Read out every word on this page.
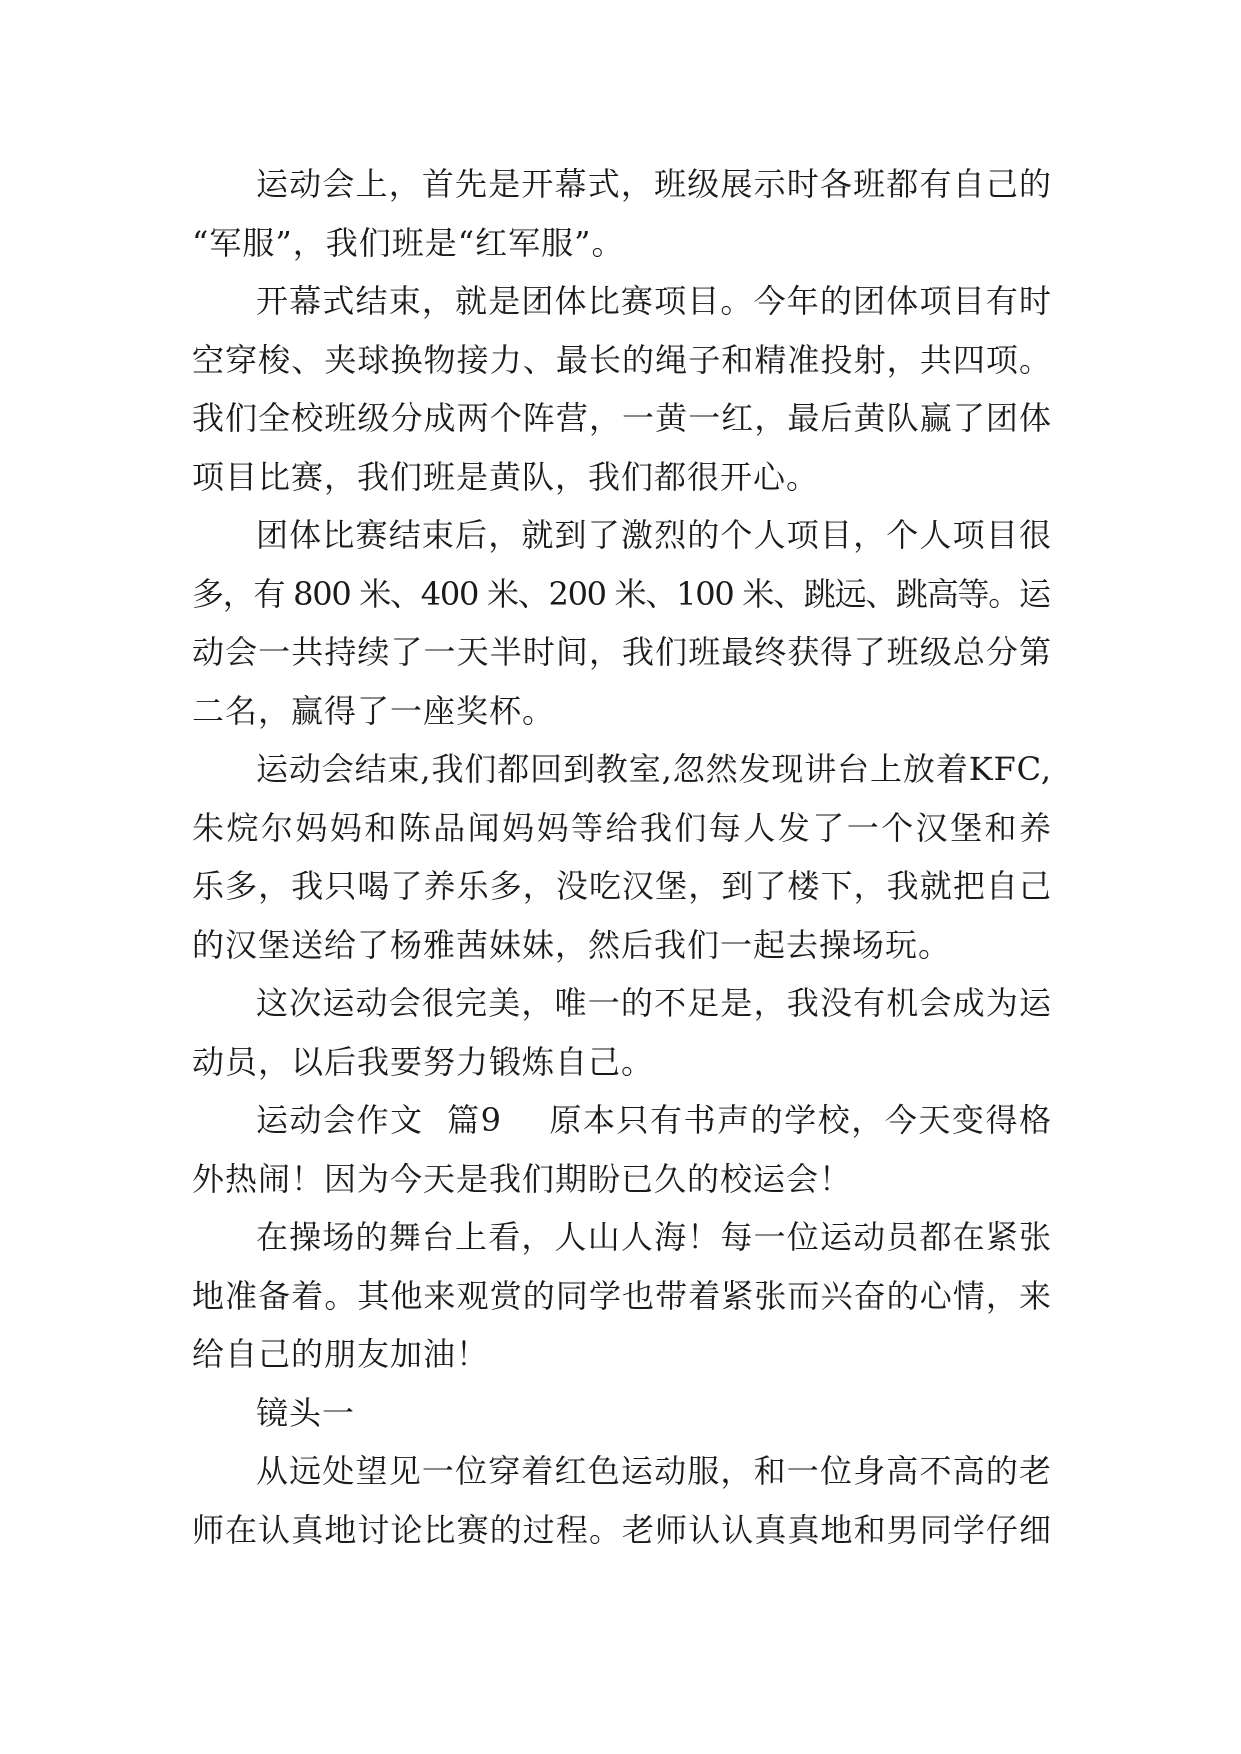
运动会上，首先是开幕式，班级展示时各班都有自己的
“军服”，我们班是“红军服”。
开幕式结束，就是团体比赛项目。今年的团体项目有时
空穿梭、夹球换物接力、最长的绳子和精准投射，共四项。
我们全校班级分成两个阵营，一黄一红，最后黄队赢了团体
项目比赛，我们班是黄队，我们都很开心。
团体比赛结束后，就到了激烈的个人项目，个人项目很
多，有 800 米、400 米、200 米、100 米、跳远、跳高等。运
动会一共持续了一天半时间，我们班最终获得了班级总分第
二名，赢得了一座奖杯。
运动会结束,我们都回到教室,忽然发现讲台上放着KFC,
朱烷尔妈妈和陈品闻妈妈等给我们每人发了一个汉堡和养
乐多，我只喝了养乐多，没吃汉堡，到了楼下，我就把自己
的汉堡送给了杨雅茜妹妹，然后我们一起去操场玩。
这次运动会很完美，唯一的不足是，我没有机会成为运
动员，以后我要努力锻炼自己。
运动会作文  篇9    原本只有书声的学校，今天变得格
外热闹！因为今天是我们期盼已久的校运会！
在操场的舞台上看，人山人海！每一位运动员都在紧张
地准备着。其他来观赏的同学也带着紧张而兴奋的心情，来
给自己的朋友加油！
镜头一
从远处望见一位穿着红色运动服，和一位身高不高的老
师在认真地讨论比赛的过程。老师认认真真地和男同学仔细
